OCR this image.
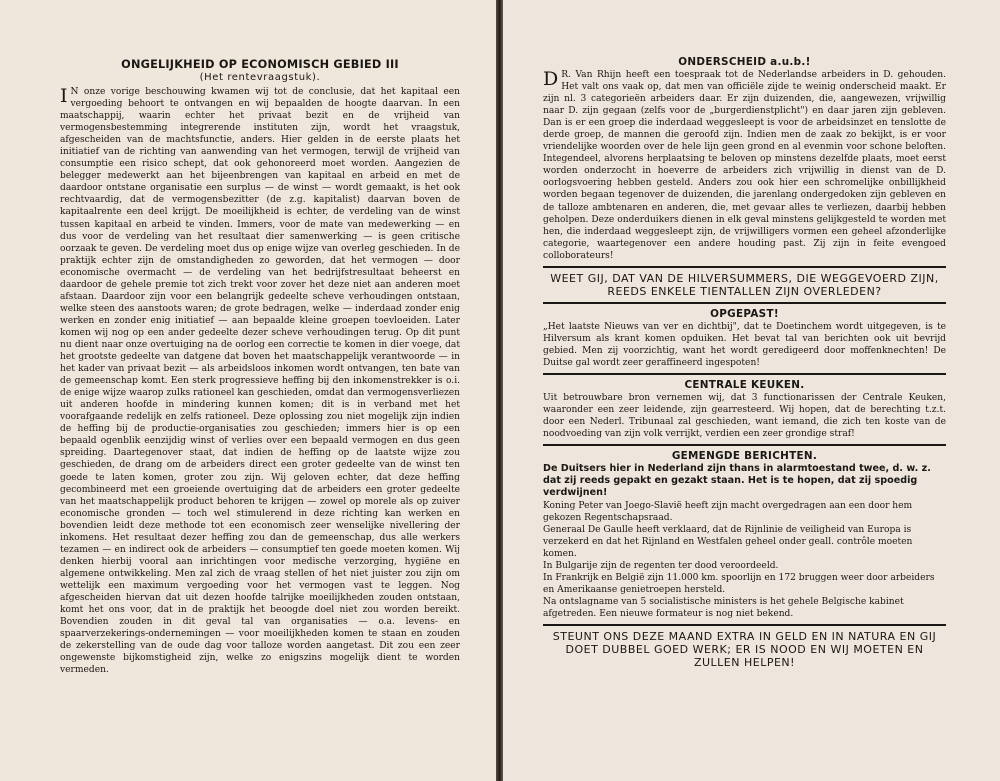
ONGELIJKHEID OP ECONOMISCH GEBIED III
(Het rentevraagstuk).

I N onze vorige beschouwing kwamen wij tot de conclusie, dat het kapitaal een vergoeding behoort te ontvangen en wij bepaalden de hoogte daarvan. In een maatschappij, waarin echter het privaat bezit en de vrijheid van vermogensbestemming integrerende instituten zijn, wordt het vraagstuk, afgescheiden van de machtsfunctie, anders. Hier gelden in de eerste plaats het initiatief van de richting van aanwending van het vermogen, terwijl de vrijheid van consumptie een risico schept, dat ook gehonoreerd moet worden. Aangezien de belegger medewerkt aan het bijeenbrengen van kapitaal en arbeid en met de daardoor ontstane organisatie een surplus — de winst — wordt gemaakt, is het ook rechtvaardig, dat de vermogensbezitter (de z.g. kapitalist) daarvan boven de kapitaalrente een deel krijgt. De moeilijkheid is echter, de verdeling van de winst tussen kapitaal en arbeid te vinden. Immers, voor de mate van medewerking — en dus voor de verdeling van het resultaat dier samenwerking — is geen critische oorzaak te geven. De verdeling moet dus op enige wijze van overleg geschieden. In de praktijk echter zijn de omstandigheden zo geworden, dat het vermogen — door economische overmacht — de verdeling van het bedrijfstresultaat beheerst en daardoor de gehele premie tot zich trekt voor zover het deze niet aan anderen moet afstaan. Daardoor zijn voor een belangrijk gedeelte scheve verhoudingen ontstaan, welke steen des aanstoots waren; de grote bedragen, welke — inderdaad zonder enig werken en zonder enig initiatief — aan bepaalde kleine groepen toevloeiden. Later komen wij nog op een ander gedeelte dezer scheve verhoudingen terug. Op dit punt nu dient naar onze overtuiging na de oorlog een correctie te komen in dier voege, dat het grootste gedeelte van datgene dat boven het maatschappelijk verantwoorde — in het kader van privaat bezit — als arbeidsloos inkomen wordt ontvangen, ten bate van de gemeenschap komt. Een sterk progressieve heffing bij den inkomenstrekker is o.i. de enige wijze waarop zulks rationeel kan geschieden, omdat dan vermogensverliezen uit anderen hoofde in mindering kunnen komen; dit is in verband met het voorafgaande redelijk en zelfs rationeel. Deze oplossing zou niet mogelijk zijn indien de heffing bij de productie-organisaties zou geschieden; immers hier is op een bepaald ogenblik eenzijdig winst of verlies over een bepaald vermogen en dus geen spreiding. Daartegenover staat, dat indien de heffing op de laatste wijze zou geschieden, de drang om de arbeiders direct een groter gedeelte van de winst ten goede te laten komen, groter zou zijn. Wij geloven echter, dat deze heffing gecombineerd met een groeiende overtuiging dat de arbeiders een groter gedeelte van het maatschappelijk product behoren te krijgen — zowel op morele als op zuiver economische gronden — toch wel stimulerend in deze richting kan werken en bovendien leidt deze methode tot een economisch zeer wenselijke nivellering der inkomens. Het resultaat dezer heffing zou dan de gemeenschap, dus alle werkers tezamen — en indirect ook de arbeiders — consumptief ten goede moeten komen. Wij denken hierbij vooral aan inrichtingen voor medische verzorging, hygiëne en algemene ontwikkeling. Men zal zich de vraag stellen of het niet juister zou zijn om wettelijk een maximum vergoeding voor het vermogen vast te leggen. Nog afgescheiden hiervan dat uit dezen hoofde talrijke moeilijkheden zouden ontstaan, komt het ons voor, dat in de praktijk het beoogde doel niet zou worden bereikt. Bovendien zouden in dit geval tal van organisaties — o.a. levens- en spaarverzekerings-ondernemingen — voor moeilijkheden komen te staan en zouden de zekerstelling van de oude dag voor talloze worden aangetast. Dit zou een zeer ongewenste bijkomstigheid zijn, welke zo enigszins mogelijk dient te worden vermeden.

ONDERSCHEID a.u.b.!

D R. Van Rhijn heeft een toespraak tot de Nederlandse arbeiders in D. gehouden. Het valt ons vaak op, dat men van officiële zijde te weinig onderscheid maakt. Er zijn nl. 3 categorieën arbeiders daar. Er zijn duizenden, die, aangewezen, vrijwillig naar D. zijn gegaan (zelfs voor de „burgerdienstplicht") en daar jaren zijn gebleven. Dan is er een groep die inderdaad weggesleept is voor de arbeidsinzet en tenslotte de derde groep, de mannen die geroofd zijn. Indien men de zaak zo bekijkt, is er voor vriendelijke woorden over de hele lijn geen grond en al evenmin voor schone beloften. Integendeel, alvorens herplaatsing te beloven op minstens dezelfde plaats, moet eerst worden onderzocht in hoeverre de arbeiders zich vrijwillig in dienst van de D. oorlogsvoering hebben gesteld. Anders zou ook hier een schromelijke onbillijkheid worden begaan tegenover de duizenden, die jarenlang ondergedoken zijn gebleven en de talloze ambtenaren en anderen, die, met gevaar alles te verliezen, daarbij hebben geholpen. Deze onderduikers dienen in elk geval minstens gelijkgesteld te worden met hen, die inderdaad weggesleept zijn, de vrijwilligers vormen een geheel afzonderlijke categorie, waartegenover een andere houding past. Zij zijn in feite evengoed colloborateurs!

WEET GIJ, DAT VAN DE HILVERSUMMERS, DIE WEGGEVOERD ZIJN, REEDS ENKELE TIENTALLEN ZIJN OVERLEDEN?

OPGEPAST!

„Het laatste Nieuws van ver en dichtbij", dat te Doetinchem wordt uitgegeven, is te Hilversum als krant komen opduiken. Het bevat tal van berichten ook uit bevrijd gebied. Men zij voorzichtig, want het wordt geredigeerd door moffenknechten! De Duitse gal wordt zeer geraffineerd ingespoten!

CENTRALE KEUKEN.

Uit betrouwbare bron vernemen wij, dat 3 functionarissen der Centrale Keuken, waaronder een zeer leidende, zijn gearresteerd. Wij hopen, dat de berechting t.z.t. door een Nederl. Tribunaal zal geschieden, want iemand, die zich ten koste van de noodvoeding van zijn volk verrijkt, verdien een zeer grondige straf!

GEMENGDE BERICHTEN.

De Duitsers hier in Nederland zijn thans in alarmtoestand twee, d. w. z. dat zij reeds gepakt en gezakt staan. Het is te hopen, dat zij spoedig verdwijnen!

Koning Peter van Joego-Slavië heeft zijn macht overgedragen aan een door hem gekozen Regentschapsraad.

Generaal De Gaulle heeft verklaard, dat de Rijnlinie de veiligheid van Europa is verzekerd en dat het Rijnland en Westfalen geheel onder geall. contrôle moeten komen.

In Bulgarije zijn de regenten ter dood veroordeeld.

In Frankrijk en België zijn 11.000 km. spoorlijn en 172 bruggen weer door arbeiders en Amerikaanse genietroepen hersteld.

Na ontslagname van 5 socialistische ministers is het gehele Belgische kabinet afgetreden. Een nieuwe formateur is nog niet bekend.

STEUNT ONS DEZE MAAND EXTRA IN GELD EN IN NATURA EN GIJ DOET DUBBEL GOED WERK; ER IS NOOD EN WIJ MOETEN EN ZULLEN HELPEN!
